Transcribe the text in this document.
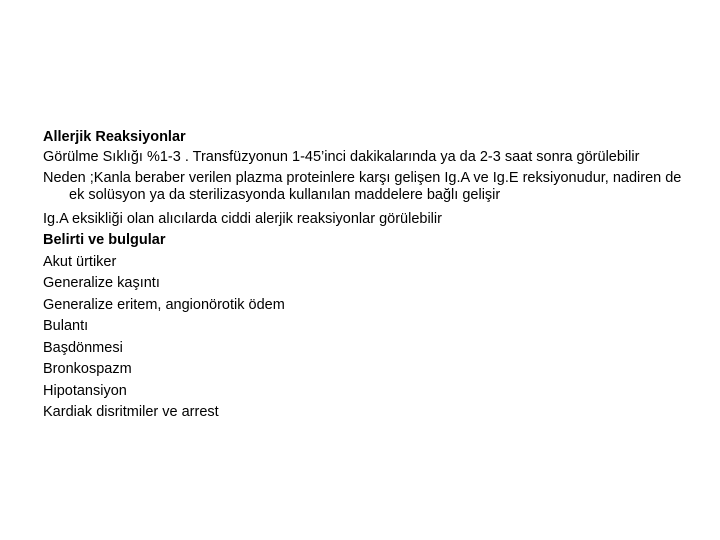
Allerjik Reaksiyonlar

Görülme Sıklığı %1-3 . Transfüzyonun 1-45’inci dakikalarında ya da 2-3 saat sonra görülebilir

Neden ;Kanla beraber verilen plazma proteinlere karşı gelişen Ig.A ve Ig.E reksiyonudur, nadiren de ek solüsyon ya da sterilizasyonda kullanılan maddelere bağlı gelişir

Ig.A eksikliği olan alıcılarda ciddi alerjik reaksiyonlar görülebilir

Belirti ve bulgular

Akut ürtiker

Generalize kaşıntı

Generalize eritem, angionörotik ödem

Bulantı

Başdönmesi

Bronkospazm

Hipotansiyon

Kardiak disritmiler ve arrest
